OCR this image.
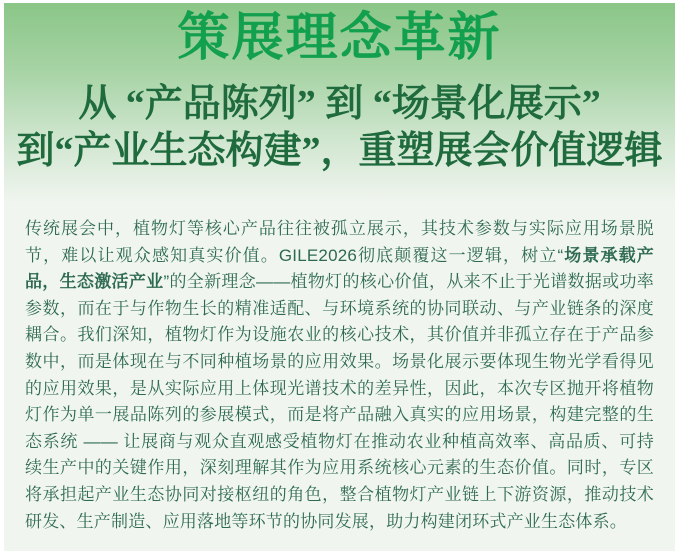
策展理念革新
从 “产品陈列” 到 “场景化展示”
到“产业生态构建”，重塑展会价值逻辑

传统展会中，植物灯等核心产品往往被孤立展示，其技术参数与实际应用场景脱节，难以让观众感知真实价值。GILE2026彻底颠覆这一逻辑，树立“场景承载产品，生态激活产业”的全新理念——植物灯的核心价值，从来不止于光谱数据或功率参数，而在于与作物生长的精准适配、与环境系统的协同联动、与产业链条的深度耦合。我们深知，植物灯作为设施农业的核心技术，其价值并非孤立存在于产品参数中，而是体现在与不同种植场景的应用效果。场景化展示要体现生物光学看得见的应用效果，是从实际应用上体现光谱技术的差异性，因此，本次专区抛开将植物灯作为单一展品陈列的参展模式，而是将产品融入真实的应用场景，构建完整的生态系统 —— 让展商与观众直观感受植物灯在推动农业种植高效率、高品质、可持续生产中的关键作用，深刻理解其作为应用系统核心元素的生态价值。同时，专区将承担起产业生态协同对接枢纽的角色，整合植物灯产业链上下游资源，推动技术研发、生产制造、应用落地等环节的协同发展，助力构建闭环式产业生态体系。
